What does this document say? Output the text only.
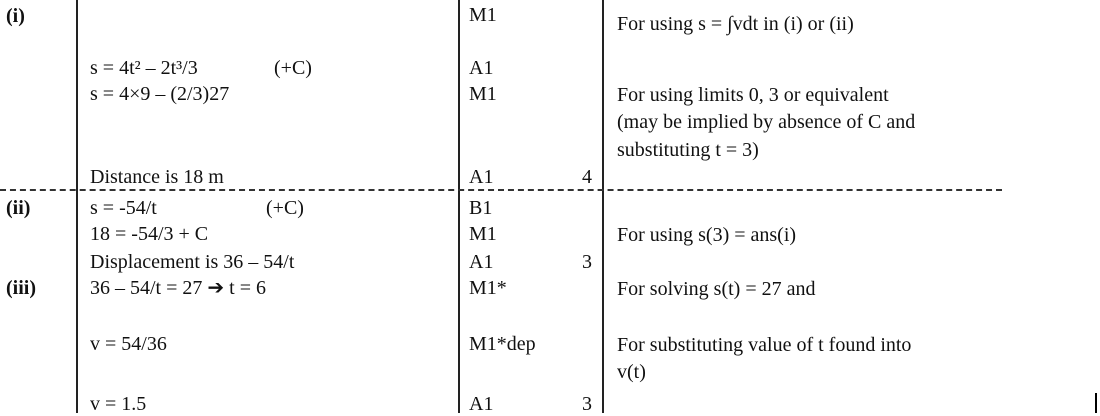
(i)
(ii)
(iii)
s = 4t² – 2t³/3	(+C)
s = 4×9 – (2/3)27
Distance is 18 m
s = -54/t	(+C)
18 = -54/3 + C
Displacement is 36 – 54/t
36 – 54/t = 27 ➔ t = 6
v = 54/36
v = 1.5
M1
A1
M1
A1
B1
M1
A1
M1*
M1*dep
A1
4
3
3
For using s = ∫vdt in (i) or (ii)
For using limits 0, 3 or equivalent
(may be implied by absence of C and
substituting t = 3)
For using s(3) = ans(i)
For solving s(t) = 27 and
For substituting value of t found into
v(t)
